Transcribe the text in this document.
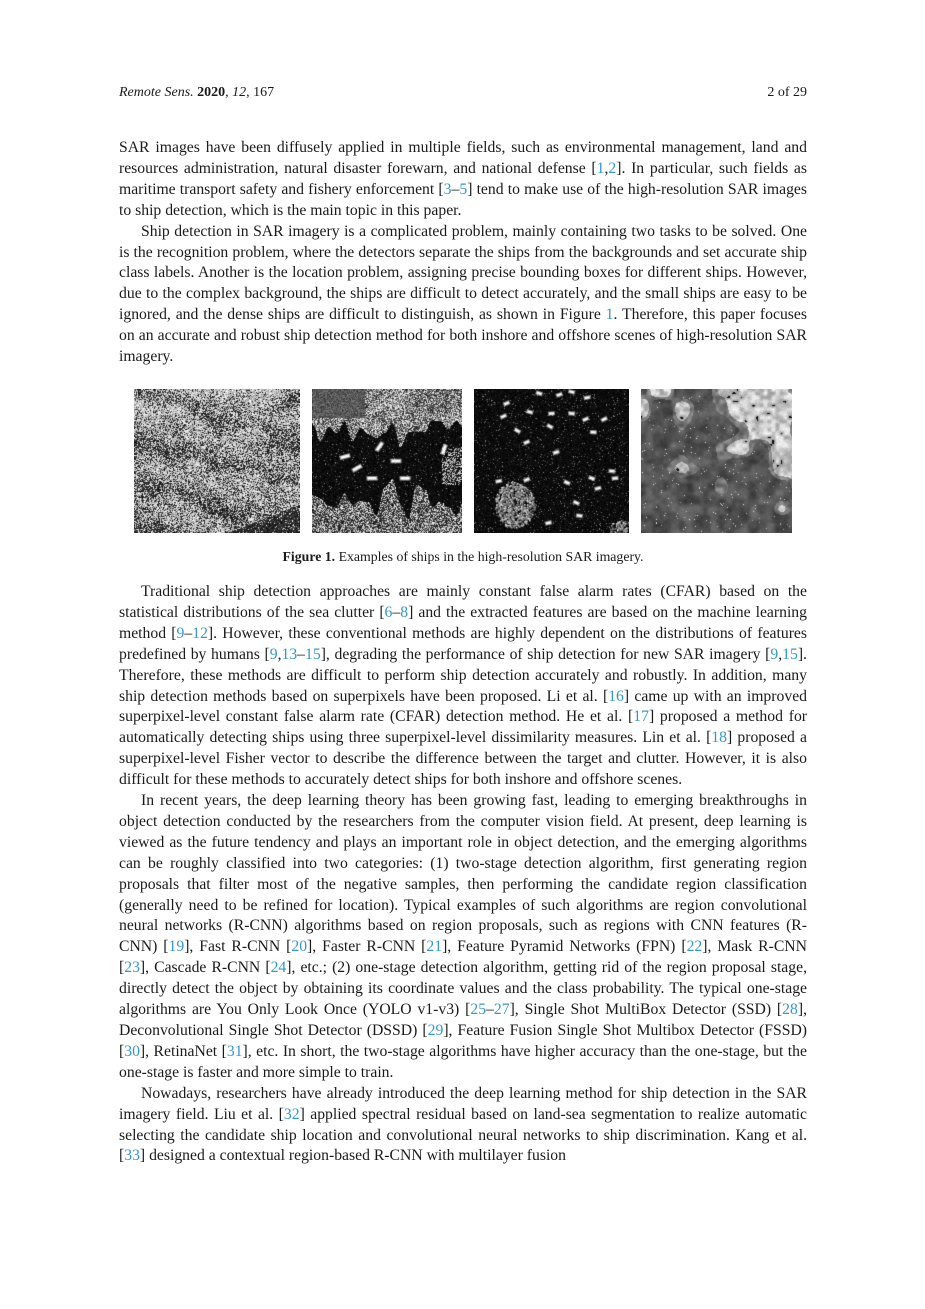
Remote Sens. 2020, 12, 167	2 of 29
SAR images have been diffusely applied in multiple fields, such as environmental management, land and resources administration, natural disaster forewarn, and national defense [1,2]. In particular, such fields as maritime transport safety and fishery enforcement [3–5] tend to make use of the high-resolution SAR images to ship detection, which is the main topic in this paper.
Ship detection in SAR imagery is a complicated problem, mainly containing two tasks to be solved. One is the recognition problem, where the detectors separate the ships from the backgrounds and set accurate ship class labels. Another is the location problem, assigning precise bounding boxes for different ships. However, due to the complex background, the ships are difficult to detect accurately, and the small ships are easy to be ignored, and the dense ships are difficult to distinguish, as shown in Figure 1. Therefore, this paper focuses on an accurate and robust ship detection method for both inshore and offshore scenes of high-resolution SAR imagery.
Figure 1. Examples of ships in the high-resolution SAR imagery.
Traditional ship detection approaches are mainly constant false alarm rates (CFAR) based on the statistical distributions of the sea clutter [6–8] and the extracted features are based on the machine learning method [9–12]. However, these conventional methods are highly dependent on the distributions of features predefined by humans [9,13–15], degrading the performance of ship detection for new SAR imagery [9,15]. Therefore, these methods are difficult to perform ship detection accurately and robustly. In addition, many ship detection methods based on superpixels have been proposed. Li et al. [16] came up with an improved superpixel-level constant false alarm rate (CFAR) detection method. He et al. [17] proposed a method for automatically detecting ships using three superpixel-level dissimilarity measures. Lin et al. [18] proposed a superpixel-level Fisher vector to describe the difference between the target and clutter. However, it is also difficult for these methods to accurately detect ships for both inshore and offshore scenes.
In recent years, the deep learning theory has been growing fast, leading to emerging breakthroughs in object detection conducted by the researchers from the computer vision field. At present, deep learning is viewed as the future tendency and plays an important role in object detection, and the emerging algorithms can be roughly classified into two categories: (1) two-stage detection algorithm, first generating region proposals that filter most of the negative samples, then performing the candidate region classification (generally need to be refined for location). Typical examples of such algorithms are region convolutional neural networks (R-CNN) algorithms based on region proposals, such as regions with CNN features (R-CNN) [19], Fast R-CNN [20], Faster R-CNN [21], Feature Pyramid Networks (FPN) [22], Mask R-CNN [23], Cascade R-CNN [24], etc.; (2) one-stage detection algorithm, getting rid of the region proposal stage, directly detect the object by obtaining its coordinate values and the class probability. The typical one-stage algorithms are You Only Look Once (YOLO v1-v3) [25–27], Single Shot MultiBox Detector (SSD) [28], Deconvolutional Single Shot Detector (DSSD) [29], Feature Fusion Single Shot Multibox Detector (FSSD) [30], RetinaNet [31], etc. In short, the two-stage algorithms have higher accuracy than the one-stage, but the one-stage is faster and more simple to train.
Nowadays, researchers have already introduced the deep learning method for ship detection in the SAR imagery field. Liu et al. [32] applied spectral residual based on land-sea segmentation to realize automatic selecting the candidate ship location and convolutional neural networks to ship discrimination. Kang et al. [33] designed a contextual region-based R-CNN with multilayer fusion
